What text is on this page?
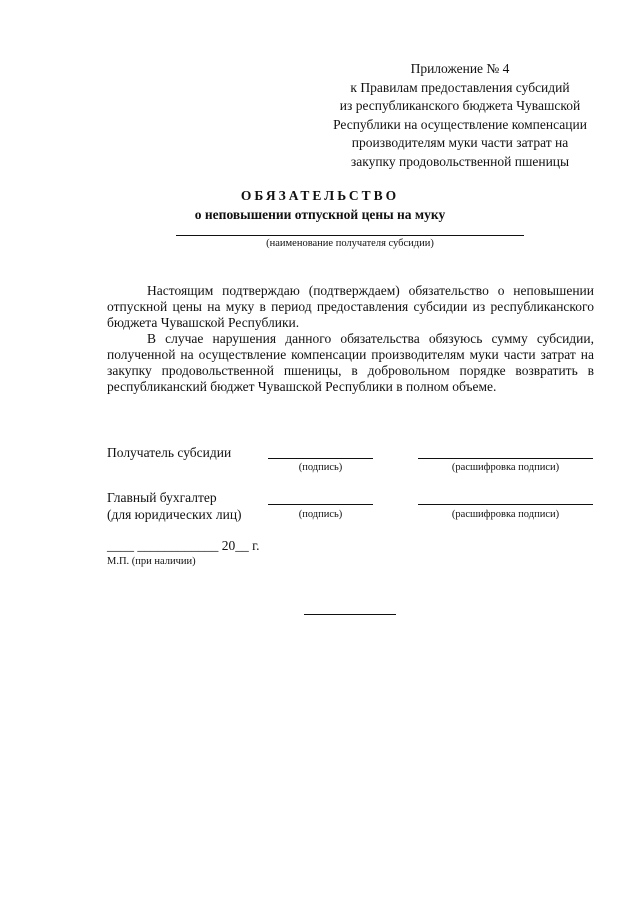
Приложение № 4
к Правилам предоставления субсидий
из республиканского бюджета Чувашской
Республики на осуществление компенсации
производителям муки части затрат на
закупку продовольственной пшеницы
ОБЯЗАТЕЛЬСТВО
о неповышении отпускной цены на муку
(наименование получателя субсидии)

Настоящим подтверждаю (подтверждаем) обязательство о неповышении отпускной цены на муку в период предоставления субсидии из республиканского бюджета Чувашской Республики.

В случае нарушения данного обязательства обязуюсь сумму субсидии, полученной на осуществление компенсации производителям муки части затрат на закупку продовольственной пшеницы, в добровольном порядке возвратить в республиканский бюджет Чувашской Республики в полном объеме.

Получатель субсидии
(подпись)	(расшифровка подписи)
Главный бухгалтер
(для юридических лиц)	(подпись)	(расшифровка подписи)
____ ____________ 20__ г.
М.П. (при наличии)
